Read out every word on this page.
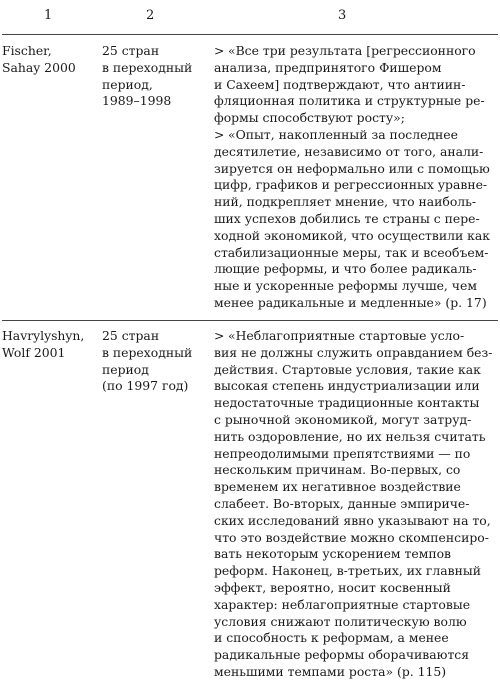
1	2	3
Fischer,
Sahay 2000
25 стран
в переходный
период,
1989–1998
> «Все три результата [регрессионного
анализа, предпринятого Фишером
и Сахеем] подтверждают, что антиин-
фляционная политика и структурные ре-
формы способствуют росту»;
> «Опыт, накопленный за последнее
десятилетие, независимо от того, анали-
зируется он неформально или с помощью
цифр, графиков и регрессионных уравне-
ний, подкрепляет мнение, что наиболь-
ших успехов добились те страны с пере-
ходной экономикой, что осуществили как
стабилизационные меры, так и всеобъем-
лющие реформы, и что более радикаль-
ные и ускоренные реформы лучше, чем
менее радикальные и медленные» (p. 17)
Havrylyshyn,
Wolf 2001
25 стран
в переходный
период
(по 1997 год)
> «Неблагоприятные стартовые усло-
вия не должны служить оправданием без-
действия. Стартовые условия, такие как
высокая степень индустриализации или
недостаточные традиционные контакты
с рыночной экономикой, могут затруд-
нить оздоровление, но их нельзя считать
непреодолимыми препятствиями — по
нескольким причинам. Во-первых, со
временем их негативное воздействие
слабеет. Во-вторых, данные эмпириче-
ских исследований явно указывают на то,
что это воздействие можно скомпенсиро-
вать некоторым ускорением темпов
реформ. Наконец, в-третьих, их главный
эффект, вероятно, носит косвенный
характер: неблагоприятные стартовые
условия снижают политическую волю
и способность к реформам, а менее
радикальные реформы оборачиваются
меньшими темпами роста» (p. 115)
